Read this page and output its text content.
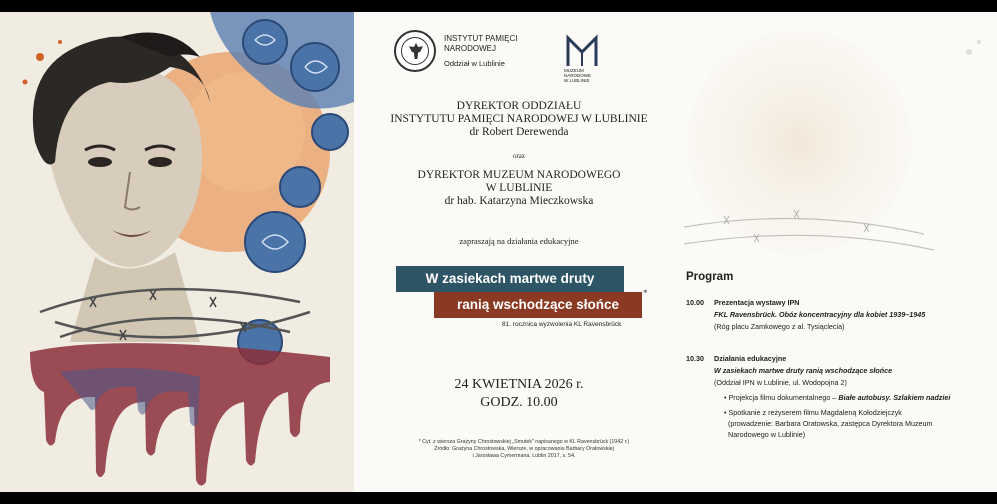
INSTYTUT PAMIĘCI
NARODOWEJ
Oddział w Lublinie
MUZEUM
NARODOWE
W LUBLINIE
DYREKTOR ODDZIAŁU
INSTYTUTU PAMIĘCI NARODOWEJ W LUBLINIE
dr Robert Derewenda
oraz
DYREKTOR MUZEUM NARODOWEGO
W LUBLINIE
dr hab. Katarzyna Mieczkowska
zapraszają na działania edukacyjne
W zasiekach martwe druty
ranią wschodzące słońce
*
81. rocznica wyzwolenia KL Ravensbrück
24 KWIETNIA 2026 r.
GODZ. 10.00
* Cyt. z wiersza Grażyny Chrostowskiej „Smutek” napisanego w KL Ravensbrück (1942 r.)
Źródło: Grażyna Chrostowska, Wiersze, w opracowaniu Barbary Oratowskiej
i Jarosława Cymermana, Lublin 2017, s. 54.
Program
10.00 Prezentacja wystawy IPN
FKL Ravensbrück. Obóz koncentracyjny dla kobiet 1939–1945
(Róg placu Zamkowego z al. Tysiąclecia)
10.30 Działania edukacyjne
W zasiekach martwe druty ranią wschodzące słońce
(Oddział IPN w Lublinie, ul. Wodopojna 2)
• Projekcja filmu dokumentalnego – Białe autobusy. Szlakiem nadziei
• Spotkanie z reżyserem filmu Magdaleną Kołodziejczyk
(prowadzenie: Barbara Oratowska, zastępca Dyrektora Muzeum
Narodowego w Lublinie)
